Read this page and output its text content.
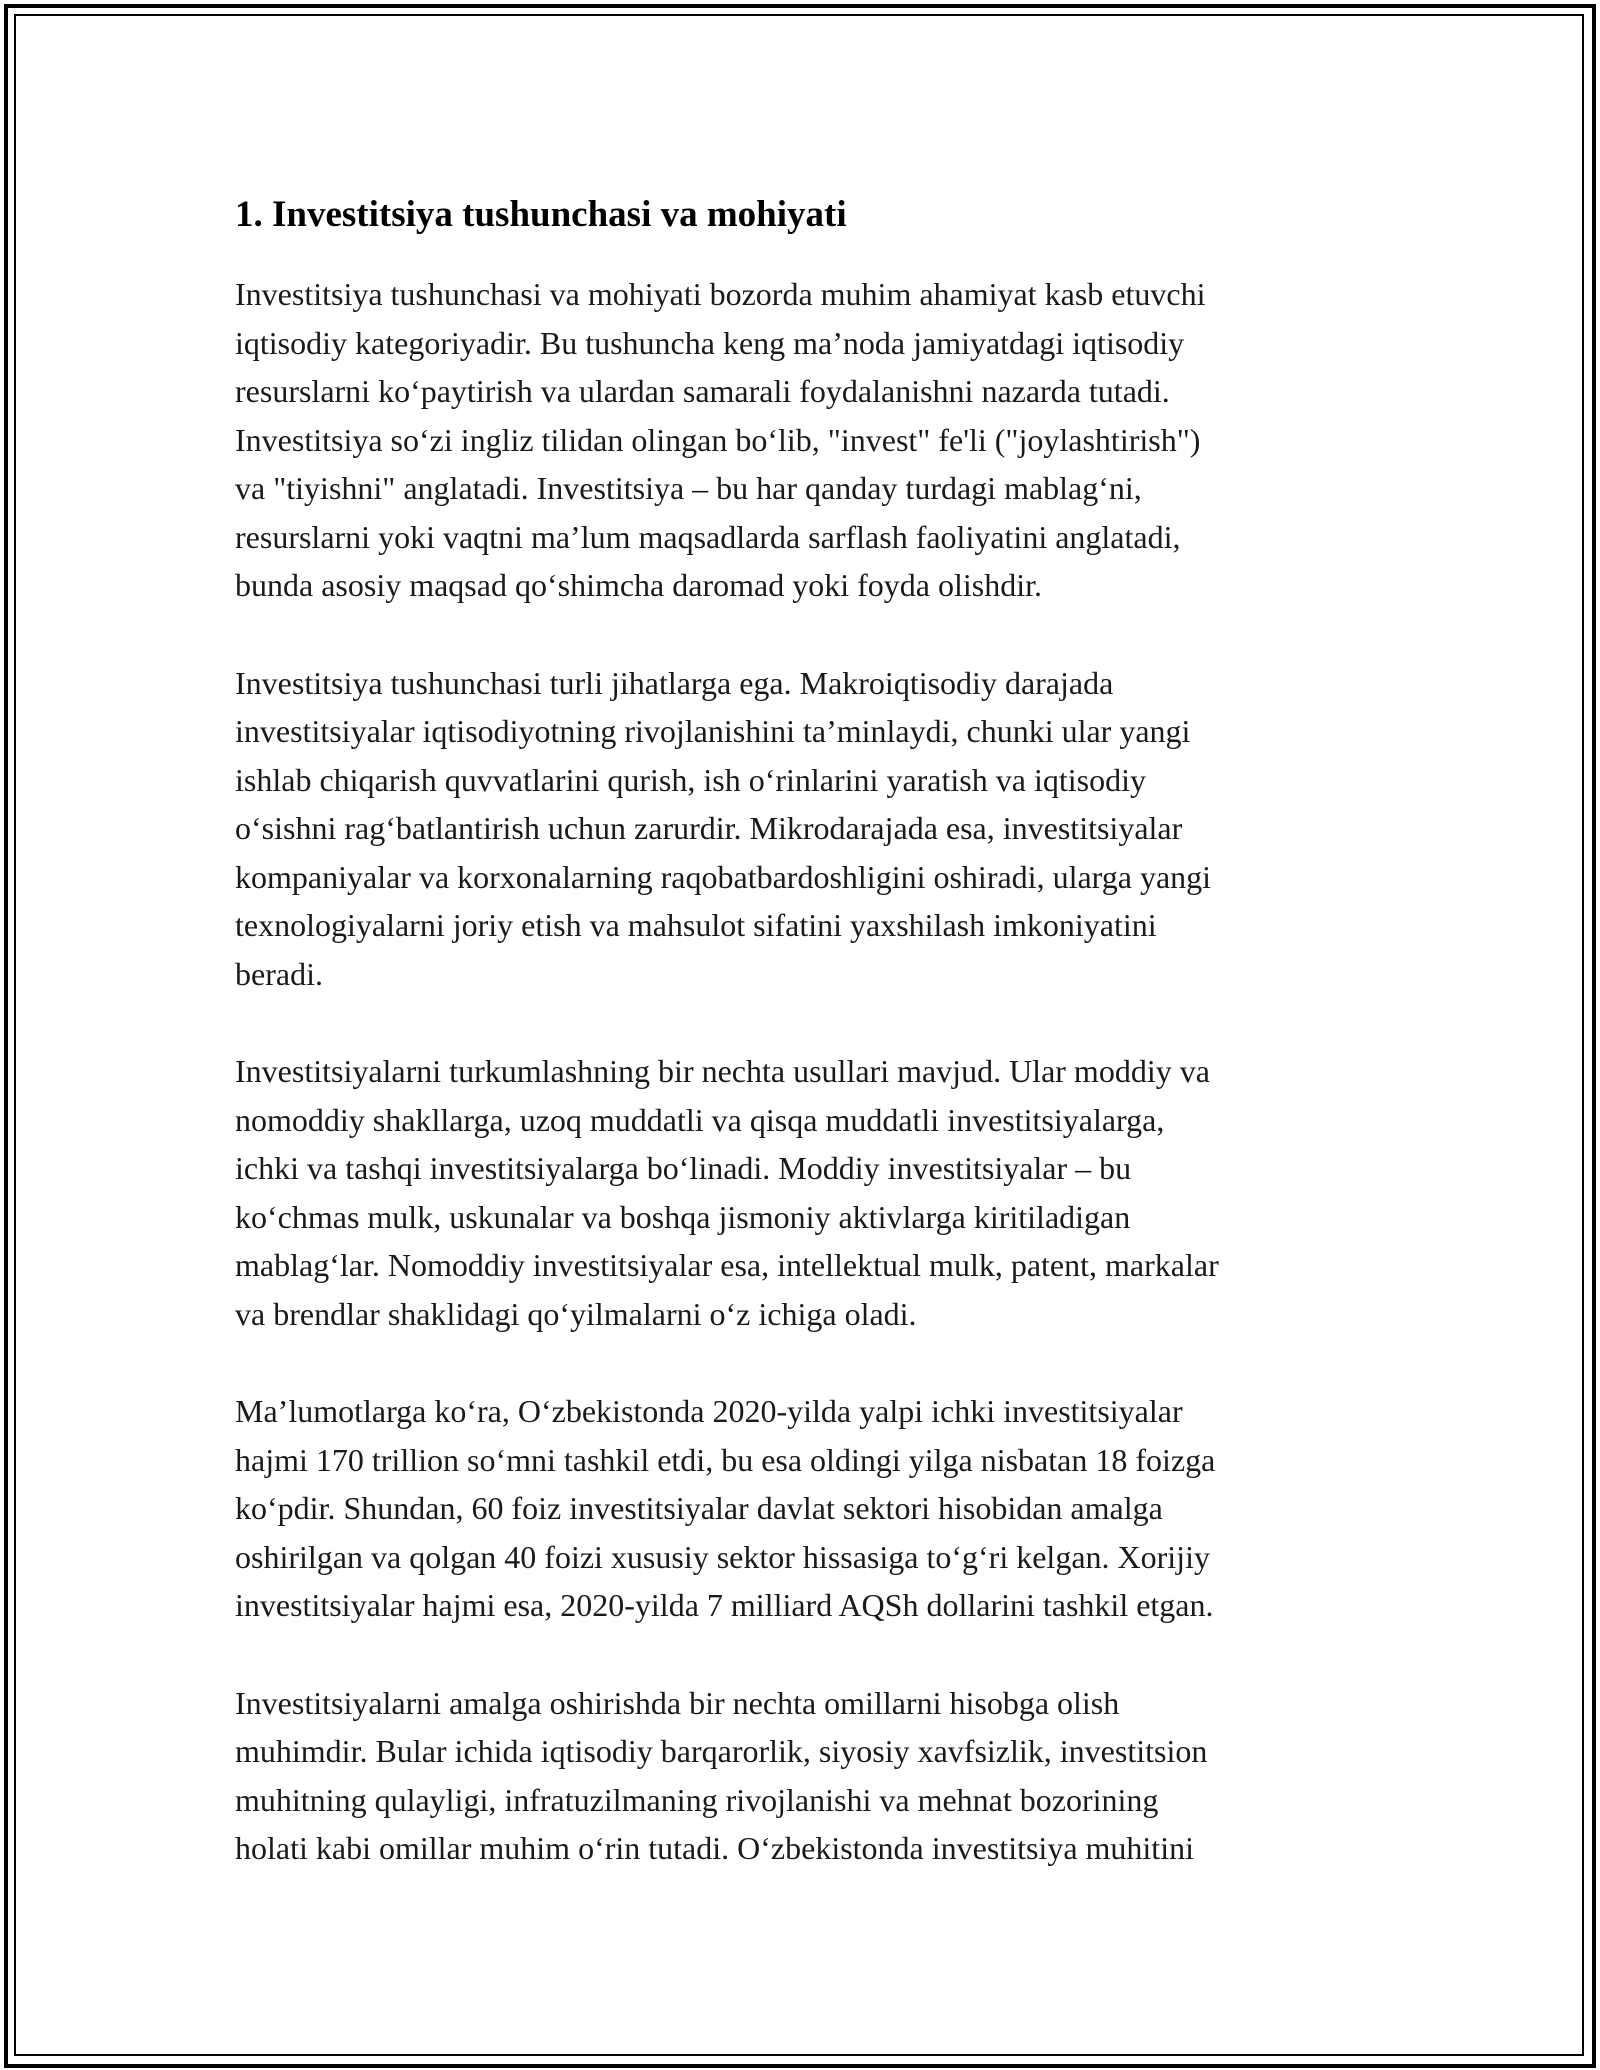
1. Investitsiya tushunchasi va mohiyati

Investitsiya tushunchasi va mohiyati bozorda muhim ahamiyat kasb etuvchi
iqtisodiy kategoriyadir. Bu tushuncha keng ma’noda jamiyatdagi iqtisodiy
resurslarni ko‘paytirish va ulardan samarali foydalanishni nazarda tutadi.
Investitsiya so‘zi ingliz tilidan olingan bo‘lib, "invest" fe'li ("joylashtirish")
va "tiyishni" anglatadi. Investitsiya – bu har qanday turdagi mablag‘ni,
resurslarni yoki vaqtni ma’lum maqsadlarda sarflash faoliyatini anglatadi,
bunda asosiy maqsad qo‘shimcha daromad yoki foyda olishdir.

Investitsiya tushunchasi turli jihatlarga ega. Makroiqtisodiy darajada
investitsiyalar iqtisodiyotning rivojlanishini ta’minlaydi, chunki ular yangi
ishlab chiqarish quvvatlarini qurish, ish o‘rinlarini yaratish va iqtisodiy
o‘sishni rag‘batlantirish uchun zarurdir. Mikrodarajada esa, investitsiyalar
kompaniyalar va korxonalarning raqobatbardoshligini oshiradi, ularga yangi
texnologiyalarni joriy etish va mahsulot sifatini yaxshilash imkoniyatini
beradi.

Investitsiyalarni turkumlashning bir nechta usullari mavjud. Ular moddiy va
nomoddiy shakllarga, uzoq muddatli va qisqa muddatli investitsiyalarga,
ichki va tashqi investitsiyalarga bo‘linadi. Moddiy investitsiyalar – bu
ko‘chmas mulk, uskunalar va boshqa jismoniy aktivlarga kiritiladigan
mablag‘lar. Nomoddiy investitsiyalar esa, intellektual mulk, patent, markalar
va brendlar shaklidagi qo‘yilmalarni o‘z ichiga oladi.

Ma’lumotlarga ko‘ra, O‘zbekistonda 2020-yilda yalpi ichki investitsiyalar
hajmi 170 trillion so‘mni tashkil etdi, bu esa oldingi yilga nisbatan 18 foizga
ko‘pdir. Shundan, 60 foiz investitsiyalar davlat sektori hisobidan amalga
oshirilgan va qolgan 40 foizi xususiy sektor hissasiga to‘g‘ri kelgan. Xorijiy
investitsiyalar hajmi esa, 2020-yilda 7 milliard AQSh dollarini tashkil etgan.

Investitsiyalarni amalga oshirishda bir nechta omillarni hisobga olish
muhimdir. Bular ichida iqtisodiy barqarorlik, siyosiy xavfsizlik, investitsion
muhitning qulayligi, infratuzilmaning rivojlanishi va mehnat bozorining
holati kabi omillar muhim o‘rin tutadi. O‘zbekistonda investitsiya muhitini
